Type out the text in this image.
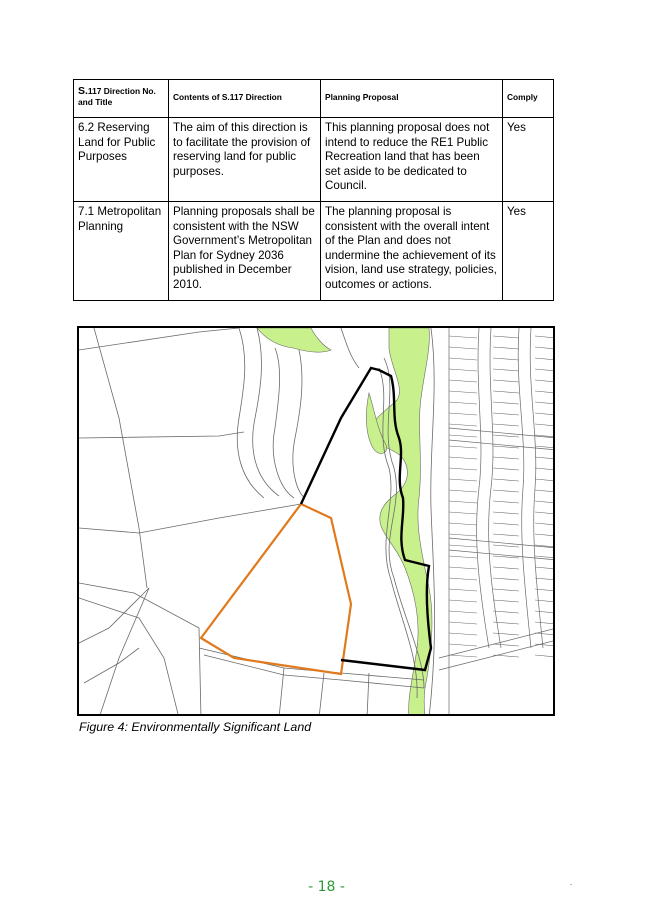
S.117 Direction No. and Title	Contents of S.117 Direction	Planning Proposal	Comply
6.2 Reserving Land for Public Purposes	The aim of this direction is to facilitate the provision of reserving land for public purposes.	This planning proposal does not intend to reduce the RE1 Public Recreation land that has been set aside to be dedicated to Council.	Yes
7.1 Metropolitan Planning	Planning proposals shall be consistent with the NSW Government’s Metropolitan Plan for Sydney 2036 published in December 2010.	The planning proposal is consistent with the overall intent of the Plan and does not undermine the achievement of its vision, land use strategy, policies, outcomes or actions.	Yes
Figure 4: Environmentally Significant Land
- 18 -	.
